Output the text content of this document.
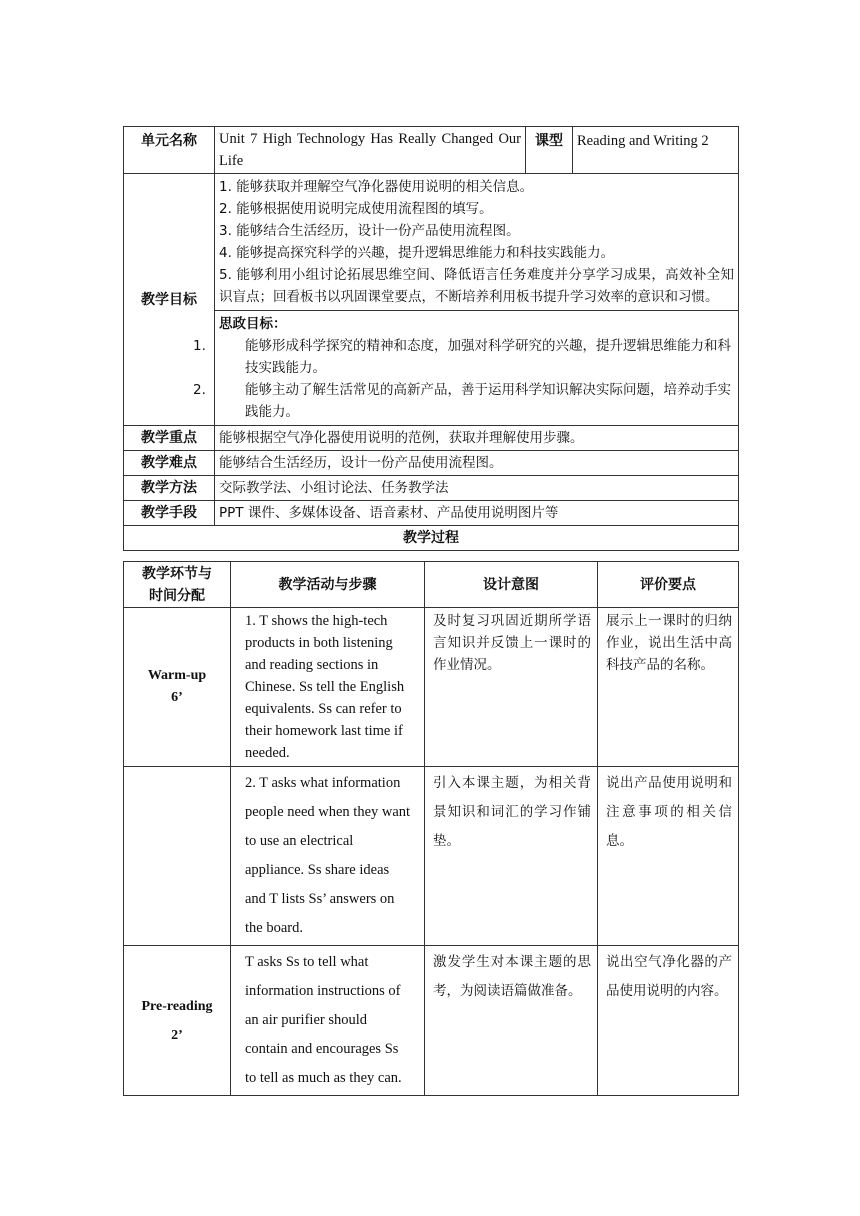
单元名称	Unit 7 High Technology Has Really Changed Our Life	课型	Reading and Writing 2
教学目标	1. 能够获取并理解空气净化器使用说明的相关信息。
2. 能够根据使用说明完成使用流程图的填写。
3. 能够结合生活经历，设计一份产品使用流程图。
4. 能够提高探究科学的兴趣，提升逻辑思维能力和科技实践能力。
5. 能够利用小组讨论拓展思维空间、降低语言任务难度并分享学习成果，高效补全知识盲点；回看板书以巩固课堂要点，不断培养利用板书提升学习效率的意识和习惯。		

	思政目标：
1. 能够形成科学探究的精神和态度，加强对科学研究的兴趣，提升逻辑思维能力和科技实践能力。
2. 能够主动了解生活常见的高新产品，善于运用科学知识解决实际问题，培养动手实践能力。		

教学重点	能够根据空气净化器使用说明的范例，获取并理解使用步骤。		
教学难点	能够结合生活经历，设计一份产品使用流程图。		
教学方法	交际教学法、小组讨论法、任务教学法		
教学手段	PPT 课件、多媒体设备、语音素材、产品使用说明图片等		
教学过程			
教学环节与时间分配	教学活动与步骤	设计意图	评价要点

Warm-up
6’	1. T shows the high-tech products in both listening and reading sections in Chinese. Ss tell the English equivalents. Ss can refer to their homework last time if needed.	及时复习巩固近期所学语言知识并反馈上一课时的作业情况。	展示上一课时的归纳作业，说出生活中高科技产品的名称。

	2. T asks what information people need when they want to use an electrical appliance. Ss share ideas and T lists Ss’ answers on the board.	引入本课主题，为相关背景知识和词汇的学习作铺垫。	说出产品使用说明和注意事项的相关信息。

Pre-reading
2’	T asks Ss to tell what information instructions of an air purifier should contain and encourages Ss to tell as much as they can.	激发学生对本课主题的思考，为阅读语篇做准备。	说出空气净化器的产品使用说明的内容。
